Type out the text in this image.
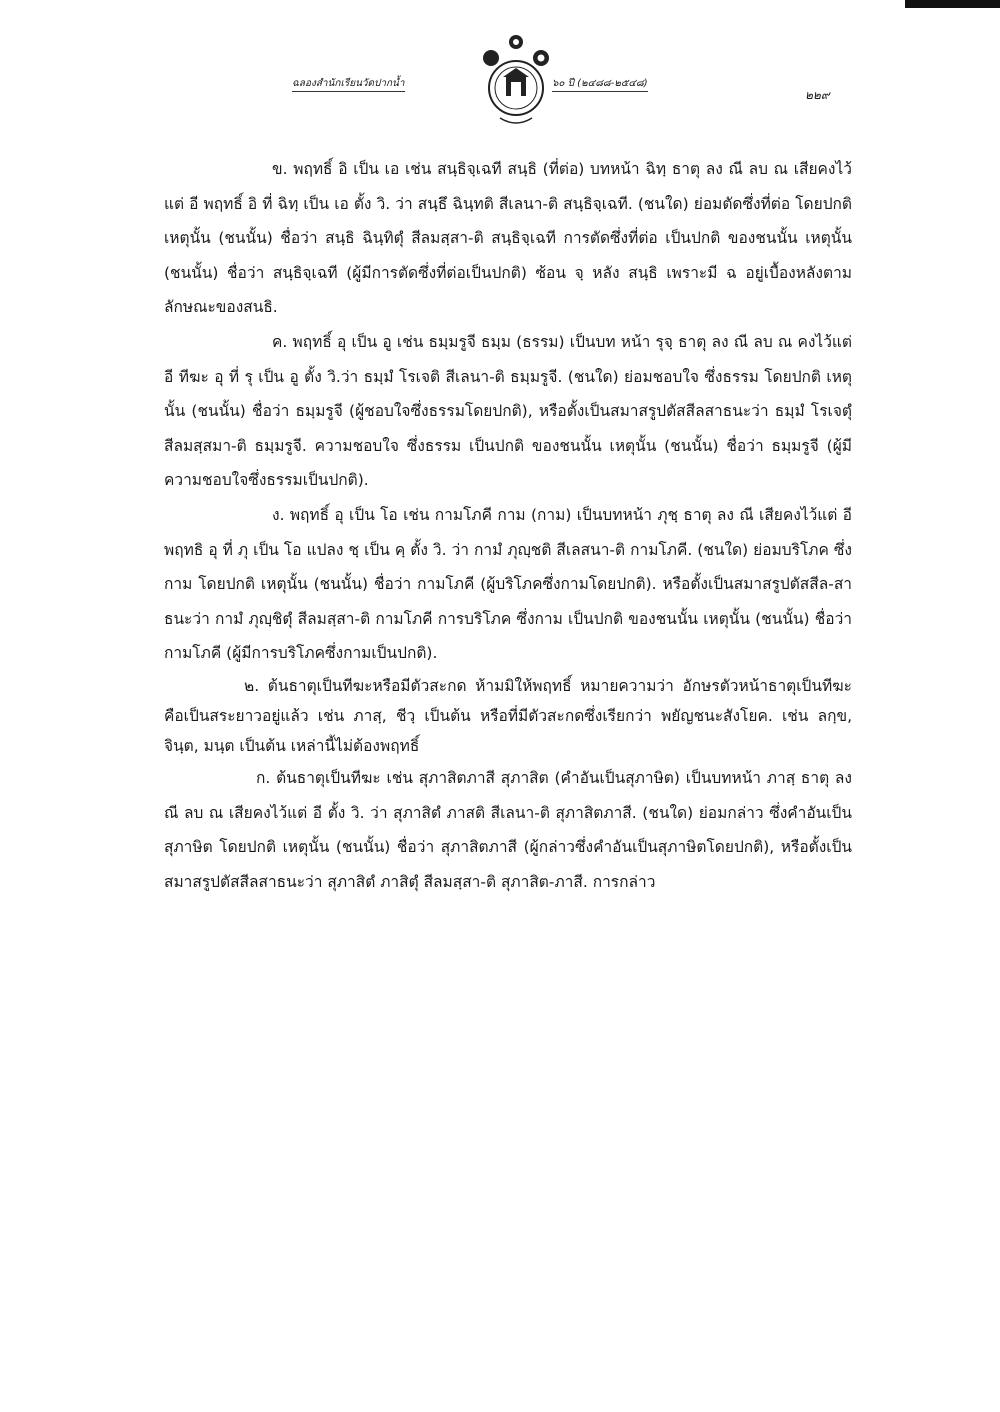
ฉลองสำนักเรียนวัดปากน้ำ	๖๐ ปี (๒๔๘๘-๒๕๔๘)
๒๒๙

ข. พฤทธิ์ อิ เป็น เอ เช่น สนฺธิจฺเฉที สนฺธิ (ที่ต่อ) บทหน้า ฉิทฺ ธาตุ ลง ณี ลบ ณ เสียคงไว้แต่ อี พฤทธิ์ อิ ที่ ฉิทฺ เป็น เอ ตั้ง วิ. ว่า สนฺธึ ฉินฺทติ สีเลนา-ติ สนฺธิจฺเฉที. (ชนใด) ย่อมตัดซึ่งที่ต่อ โดยปกติ เหตุนั้น (ชนนั้น) ชื่อว่า สนฺธิ ฉินฺทิตุํ สีลมสฺสา-ติ สนฺธิจฺเฉที การตัดซึ่งที่ต่อ เป็นปกติ ของชนนั้น เหตุนั้น (ชนนั้น) ชื่อว่า สนฺธิจฺเฉที (ผู้มีการตัดซึ่งที่ต่อเป็นปกติ) ซ้อน จฺ หลัง สนฺธิ เพราะมี ฉ อยู่เบื้องหลังตามลักษณะของสนธิ.

ค. พฤทธิ์ อุ เป็น อู เช่น ธมฺมรูจี ธมฺม (ธรรม) เป็นบท หน้า รุจฺ ธาตุ ลง ณี ลบ ณ คงไว้แต่ อี ทีฆะ อุ ที่ รุ เป็น อู ตั้ง วิ.ว่า ธมฺมํ โรเจติ สีเลนา-ติ ธมฺมรูจี. (ชนใด) ย่อมชอบใจ ซึ่งธรรม โดยปกติ เหตุนั้น (ชนนั้น) ชื่อว่า ธมฺมรูจี (ผู้ชอบใจซึ่งธรรมโดยปกติ), หรือตั้งเป็นสมาสรูปตัสสีลสาธนะว่า ธมฺมํ โรเจตุํ สีลมสฺสมา-ติ ธมฺมรูจี. ความชอบใจ ซึ่งธรรม เป็นปกติ ของชนนั้น เหตุนั้น (ชนนั้น) ชื่อว่า ธมฺมรูจี (ผู้มีความชอบใจซึ่งธรรมเป็นปกติ).

ง. พฤทธิ์ อุ เป็น โอ เช่น กามโภคี กาม (กาม) เป็นบทหน้า ภุชฺ ธาตุ ลง ณี เสียคงไว้แต่ อี พฤทธิ อุ ที่ ภุ เป็น โอ แปลง ชฺ เป็น คฺ ตั้ง วิ. ว่า กามํ ภุญฺชติ สีเลสนา-ติ กามโภคี. (ชนใด) ย่อมบริโภค ซึ่งกาม โดยปกติ เหตุนั้น (ชนนั้น) ชื่อว่า กามโภคี (ผู้บริโภคซึ่งกามโดยปกติ). หรือตั้งเป็นสมาสรูปตัสสีล-สาธนะว่า กามํ ภุญฺชิตุํ สีลมสฺสา-ติ กามโภคี การบริโภค ซึ่งกาม เป็นปกติ ของชนนั้น เหตุนั้น (ชนนั้น) ชื่อว่า กามโภคี (ผู้มีการบริโภคซึ่งกามเป็นปกติ).

๒. ต้นธาตุเป็นทีฆะหรือมีตัวสะกด ห้ามมิให้พฤทธิ์ หมายความว่า อักษรตัวหน้าธาตุเป็นทีฆะ คือเป็นสระยาวอยู่แล้ว เช่น ภาสฺ, ชีวฺ เป็นต้น หรือที่มีตัวสะกดซึ่งเรียกว่า พยัญชนะสังโยค. เช่น ลกฺข, จินฺต, มนฺต เป็นต้น เหล่านี้ไม่ต้องพฤทธิ์

ก. ต้นธาตุเป็นทีฆะ เช่น สุภาสิตภาสี สุภาสิต (คำอันเป็นสุภาษิต) เป็นบทหน้า ภาสฺ ธาตุ ลง ณี ลบ ณ เสียคงไว้แต่ อี ตั้ง วิ. ว่า สุภาสิตํ ภาสติ สีเลนา-ติ สุภาสิตภาสี. (ชนใด) ย่อมกล่าว ซึ่งคำอันเป็นสุภาษิต โดยปกติ เหตุนั้น (ชนนั้น) ชื่อว่า สุภาสิตภาสี (ผู้กล่าวซึ่งคำอันเป็นสุภาษิตโดยปกติ), หรือตั้งเป็นสมาสรูปตัสสีลสาธนะว่า สุภาสิตํ ภาสิตุํ สีลมสฺสา-ติ สุภาสิต-ภาสี. การกล่าว
